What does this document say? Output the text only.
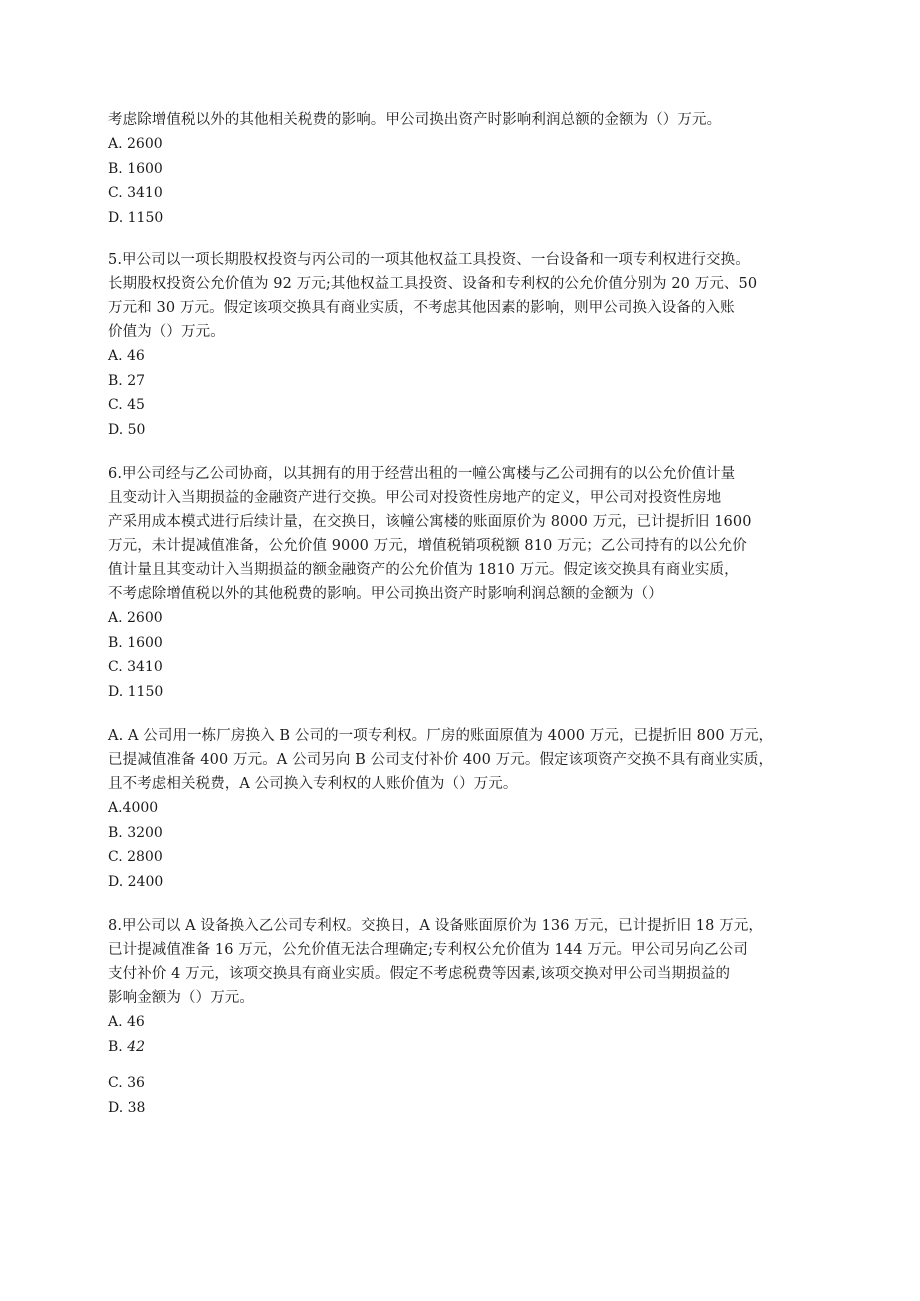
考虑除增值税以外的其他相关税费的影响。甲公司换出资产时影响利润总额的金额为（）万元。

A. 2600

B. 1600

C. 3410

D. 1150

5.甲公司以一项长期股权投资与丙公司的一项其他权益工具投资、一台设备和一项专利权进行交换。

长期股权投资公允价值为 92 万元;其他权益工具投资、设备和专利权的公允价值分别为 20 万元、50

万元和 30 万元。假定该项交换具有商业实质，不考虑其他因素的影响，则甲公司换入设备的入账

价值为（）万元。

A. 46

B. 27

C. 45

D. 50

6.甲公司经与乙公司协商，以其拥有的用于经营出租的一幢公寓楼与乙公司拥有的以公允价值计量

且变动计入当期损益的金融资产进行交换。甲公司对投资性房地产的定义，甲公司对投资性房地

产采用成本模式进行后续计量，在交换日，该幢公寓楼的账面原价为 8000 万元，已计提折旧 1600

万元，未计提减值准备，公允价值 9000 万元，增值税销项税额 810 万元；乙公司持有的以公允价

值计量且其变动计入当期损益的额金融资产的公允价值为 1810 万元。假定该交换具有商业实质，

不考虑除增值税以外的其他税费的影响。甲公司换出资产时影响利润总额的金额为（）

A. 2600

B. 1600

C. 3410

D. 1150

A. A 公司用一栋厂房换入 B 公司的一项专利权。厂房的账面原值为 4000 万元，已提折旧 800 万元，

已提减值准备 400 万元。A 公司另向 B 公司支付补价 400 万元。假定该项资产交换不具有商业实质，

且不考虑相关税费，A 公司换入专利权的人账价值为（）万元。

A.4000

B. 3200

C. 2800

D. 2400

8.甲公司以 A 设备换入乙公司专利权。交换日，A 设备账面原价为 136 万元，已计提折旧 18 万元，

已计提减值准备 16 万元，公允价值无法合理确定;专利权公允价值为 144 万元。甲公司另向乙公司

支付补价 4 万元，该项交换具有商业实质。假定不考虑税费等因素,该项交换对甲公司当期损益的

影响金额为（）万元。

A. 46

B. 42

C. 36

D. 38
